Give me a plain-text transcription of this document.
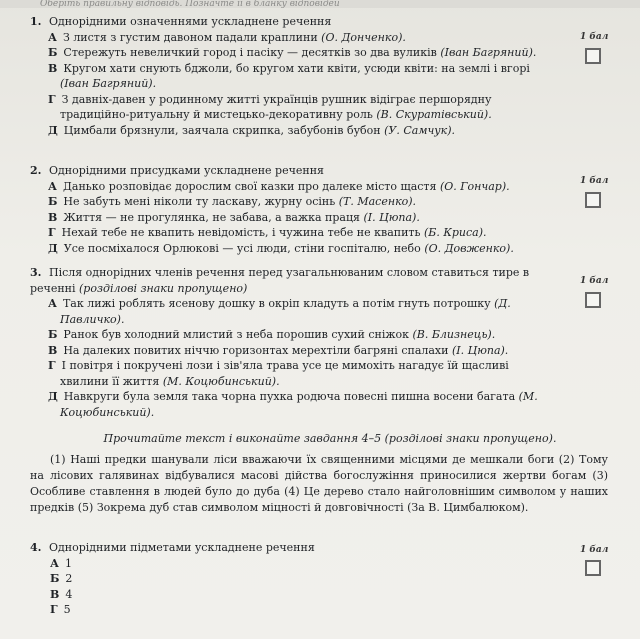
Оберіть правильну відповідь. Позначте її в бланку відповідей
1. Однорідними означеннями ускладнене речення
А З листя з густим давоном падали краплини (О. Донченко).
Б Стережуть невеличкий город і пасіку — десятків зо два вуликів (Іван Багряний).
В Кругом хати снують бджоли, бо кругом хати квіти, усюди квіти: на землі і вгорі (Іван Багряний).
Г З давніх-давен у родинному житті українців рушник відіграє першорядну традиційно-ритуальну й мистецько-декоративну роль (В. Скуратівський).
Д Цимбали брязнули, заячала скрипка, забубонів бубон (У. Самчук).
1 бал
2. Однорідними присудками ускладнене речення
А Данько розповідає дорослим свої казки про далеке місто щастя (О. Гончар).
Б Не забуть мені ніколи ту ласкаву, журну осінь (Т. Масенко).
В Життя — не прогулянка, не забава, а важка праця (І. Цюпа).
Г Нехай тебе не квапить невідомість, і чужина тебе не квапить (Б. Криса).
Д Усе посміхалося Орлюкові — усі люди, стіни госпіталю, небо (О. Довженко).
1 бал
3. Після однорідних членів речення перед узагальнюваним словом ставиться тире в реченні (розділові знаки пропущено)
А Так лижі роблять ясенову дошку в окріп кладуть а потім гнуть потрошку (Д. Павличко).
Б Ранок був холодний млистий з неба порошив сухий сніжок (В. Близнець).
В На далеких повитих ніччю горизонтах мерехтіли багряні спалахи (І. Цюпа).
Г І повітря і покручені лози і зів'ялa трава усе це мимохіть нагадує їй щасливі хвилини її життя (М. Коцюбинський).
Д Навкруги була земля така чорна пухка родюча повесні пишна восени багата (М. Коцюбинський).
1 бал
Прочитайте текст і виконайте завдання 4–5 (розділові знаки пропущено).
(1) Наші предки шанували ліси вважаючи їх священними місцями де мешкали боги (2) Тому на лісових галявинах відбувалися масові дійства богослужіння приносилися жертви богам (3) Особливе ставлення в людей було до дуба (4) Це дерево стало найголовнішим символом у наших предків (5) Зокрема дуб став символом міцності й довговічності (За В. Цимбалюком).
4. Однорідними підметами ускладнене речення
А 1
Б 2
В 4
Г 5
1 бал
